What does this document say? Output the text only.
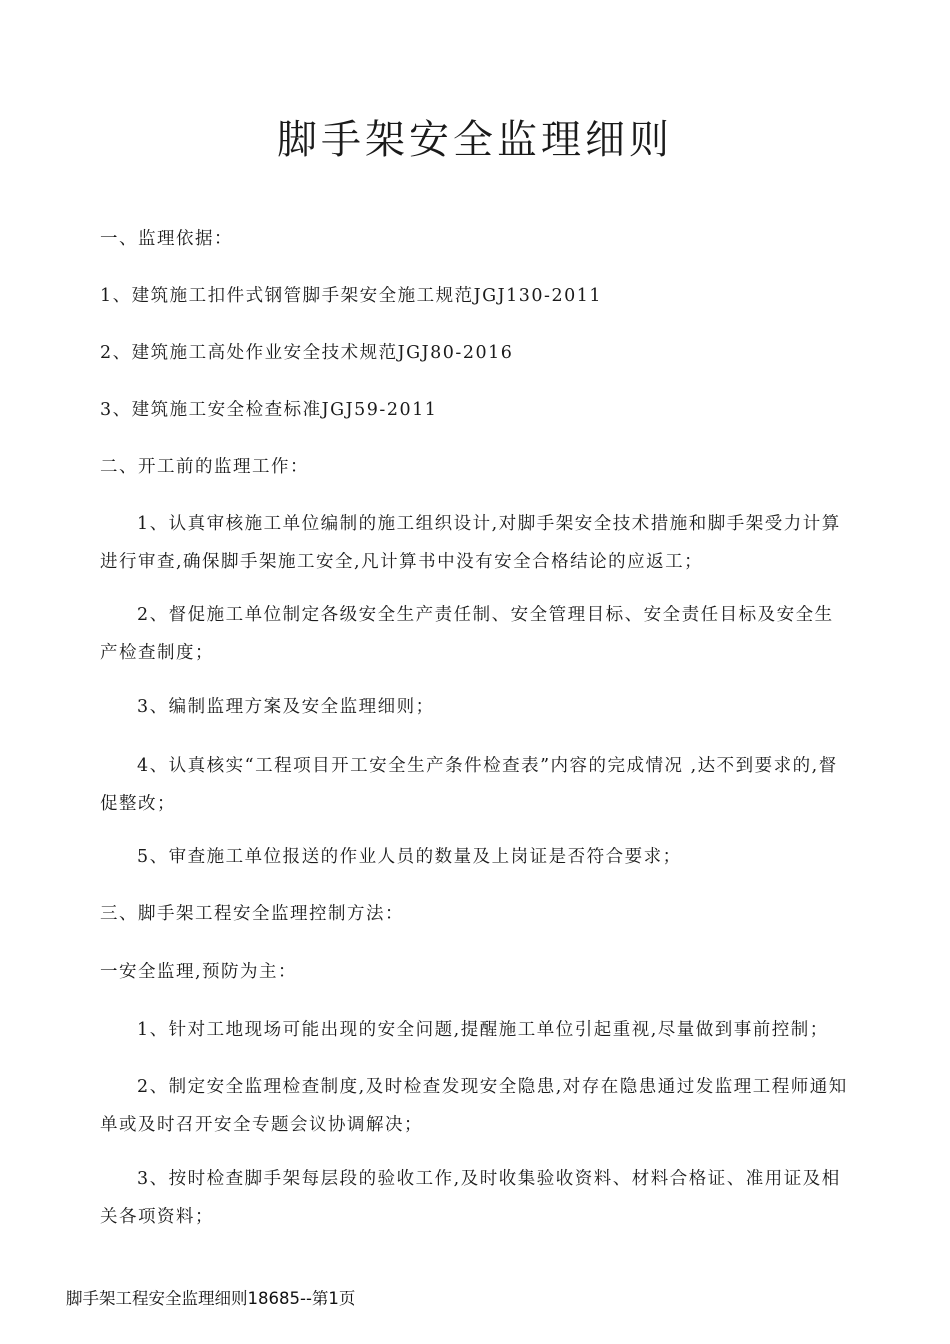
脚手架安全监理细则

一、监理依据：

1、建筑施工扣件式钢管脚手架安全施工规范JGJ130-2011

2、建筑施工高处作业安全技术规范JGJ80-2016

3、建筑施工安全检查标准JGJ59-2011

二、开工前的监理工作：

1、认真审核施工单位编制的施工组织设计,对脚手架安全技术措施和脚手架受力计算进行审查,确保脚手架施工安全,凡计算书中没有安全合格结论的应返工；

2、督促施工单位制定各级安全生产责任制、安全管理目标、安全责任目标及安全生产检查制度；

3、编制监理方案及安全监理细则；

4、认真核实“工程项目开工安全生产条件检查表”内容的完成情况 ,达不到要求的,督促整改；

5、审查施工单位报送的作业人员的数量及上岗证是否符合要求；

三、脚手架工程安全监理控制方法：

一安全监理,预防为主：

1、针对工地现场可能出现的安全问题,提醒施工单位引起重视,尽量做到事前控制；

2、制定安全监理检查制度,及时检查发现安全隐患,对存在隐患通过发监理工程师通知单或及时召开安全专题会议协调解决；

3、按时检查脚手架每层段的验收工作,及时收集验收资料、材料合格证、准用证及相关各项资料；

脚手架工程安全监理细则18685--第1页
